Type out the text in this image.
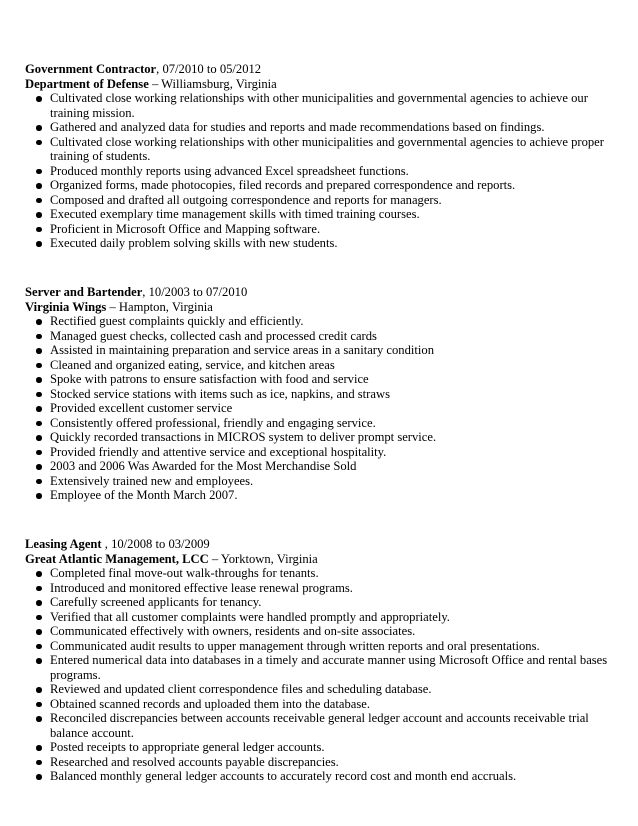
Government Contractor, 07/2010 to 05/2012
Department of Defense – Williamsburg, Virginia
Cultivated close working relationships with other municipalities and governmental agencies to achieve our training mission.
Gathered and analyzed data for studies and reports and made recommendations based on findings.
Cultivated close working relationships with other municipalities and governmental agencies to achieve proper training of students.
Produced monthly reports using advanced Excel spreadsheet functions.
Organized forms, made photocopies, filed records and prepared correspondence and reports.
Composed and drafted all outgoing correspondence and reports for managers.
Executed exemplary time management skills with timed training courses.
Proficient in Microsoft Office and Mapping software.
Executed daily problem solving skills with new students.
Server and Bartender, 10/2003 to 07/2010
Virginia Wings – Hampton, Virginia
Rectified guest complaints quickly and efficiently.
Managed guest checks, collected cash and processed credit cards
Assisted in maintaining preparation and service areas in a sanitary condition
Cleaned and organized eating, service, and kitchen areas
Spoke with patrons to ensure satisfaction with food and service
Stocked service stations with items such as ice, napkins, and straws
Provided excellent customer service
Consistently offered professional, friendly and engaging service.
Quickly recorded transactions in MICROS system to deliver prompt service.
Provided friendly and attentive service and exceptional hospitality.
2003 and 2006 Was Awarded for the Most Merchandise Sold
Extensively trained new and employees.
Employee of the Month March 2007.
Leasing Agent , 10/2008 to 03/2009
Great Atlantic Management, LCC – Yorktown, Virginia
Completed final move-out walk-throughs for tenants.
Introduced and monitored effective lease renewal programs.
Carefully screened applicants for tenancy.
Verified that all customer complaints were handled promptly and appropriately.
Communicated effectively with owners, residents and on-site associates.
Communicated audit results to upper management through written reports and oral presentations.
Entered numerical data into databases in a timely and accurate manner using Microsoft Office and rental bases programs.
Reviewed and updated client correspondence files and scheduling database.
Obtained scanned records and uploaded them into the database.
Reconciled discrepancies between accounts receivable general ledger account and accounts receivable trial balance account.
Posted receipts to appropriate general ledger accounts.
Researched and resolved accounts payable discrepancies.
Balanced monthly general ledger accounts to accurately record cost and month end accruals.
